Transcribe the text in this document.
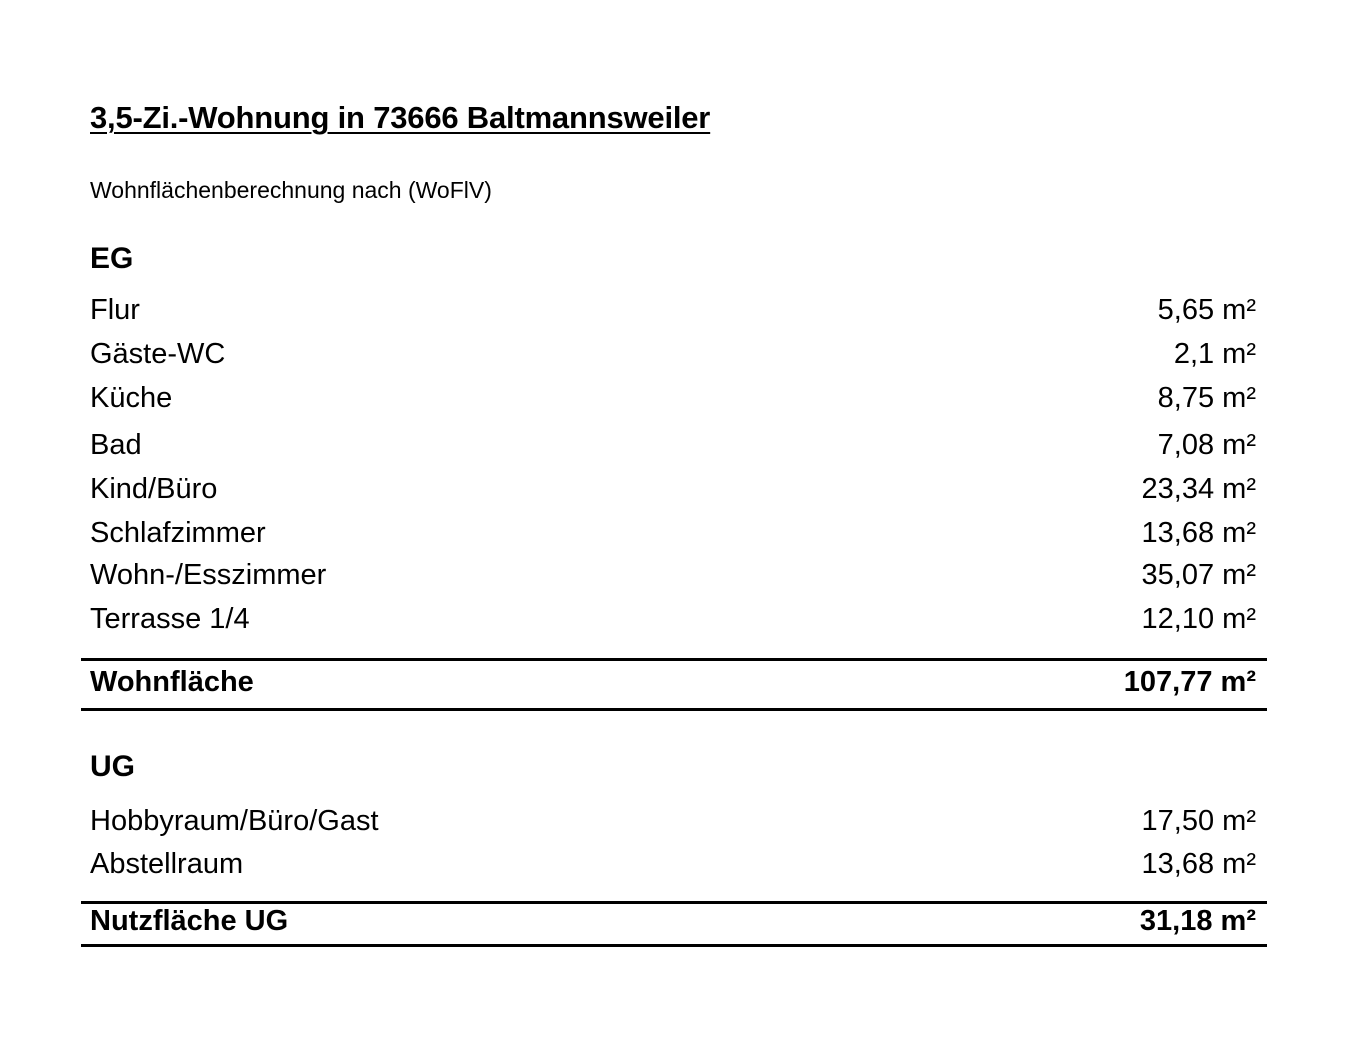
3,5-Zi.-Wohnung in 73666 Baltmannsweiler
Wohnflächenberechnung nach (WoFlV)
EG
Flur	5,65 m²
Gäste-WC	2,1 m²
Küche	8,75 m²
Bad	7,08 m²
Kind/Büro	23,34 m²
Schlafzimmer	13,68 m²
Wohn-/Esszimmer	35,07 m²
Terrasse 1/4	12,10 m²
Wohnfläche	107,77 m²
UG
Hobbyraum/Büro/Gast	17,50 m²
Abstellraum	13,68 m²
Nutzfläche UG	31,18 m²
